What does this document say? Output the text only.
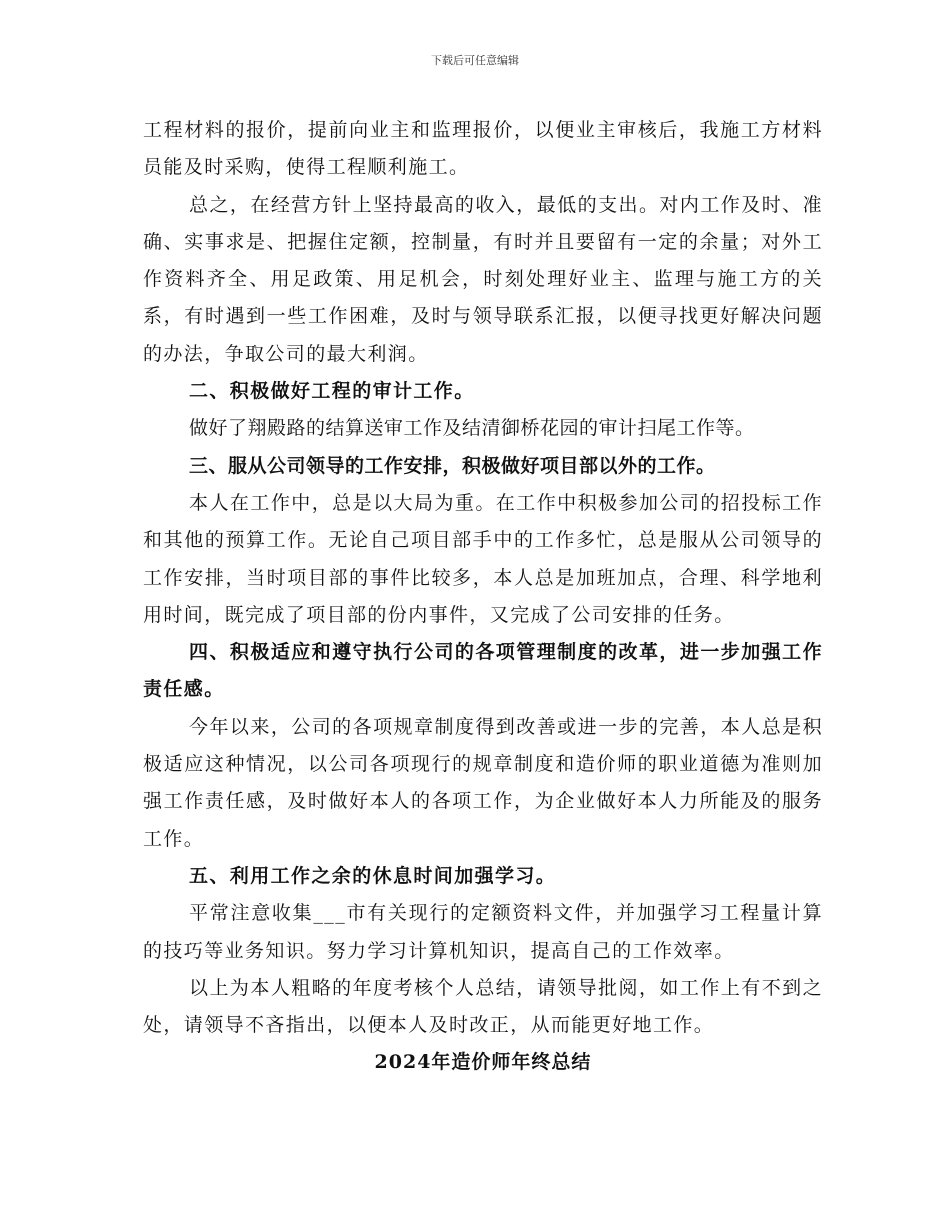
下载后可任意编辑

工程材料的报价，提前向业主和监理报价，以便业主审核后，我施工方材料员能及时采购，使得工程顺利施工。

总之，在经营方针上坚持最高的收入，最低的支出。对内工作及时、准确、实事求是、把握住定额，控制量，有时并且要留有一定的余量；对外工作资料齐全、用足政策、用足机会，时刻处理好业主、监理与施工方的关系，有时遇到一些工作困难，及时与领导联系汇报，以便寻找更好解决问题的办法，争取公司的最大利润。

二、积极做好工程的审计工作。

做好了翔殿路的结算送审工作及结清御桥花园的审计扫尾工作等。

三、服从公司领导的工作安排，积极做好项目部以外的工作。

本人在工作中，总是以大局为重。在工作中积极参加公司的招投标工作和其他的预算工作。无论自己项目部手中的工作多忙，总是服从公司领导的工作安排，当时项目部的事件比较多，本人总是加班加点，合理、科学地利用时间，既完成了项目部的份内事件，又完成了公司安排的任务。

四、积极适应和遵守执行公司的各项管理制度的改革，进一步加强工作责任感。

今年以来，公司的各项规章制度得到改善或进一步的完善，本人总是积极适应这种情况，以公司各项现行的规章制度和造价师的职业道德为准则加强工作责任感，及时做好本人的各项工作，为企业做好本人力所能及的服务工作。

五、利用工作之余的休息时间加强学习。

平常注意收集___市有关现行的定额资料文件，并加强学习工程量计算的技巧等业务知识。努力学习计算机知识，提高自己的工作效率。

以上为本人粗略的年度考核个人总结，请领导批阅，如工作上有不到之处，请领导不吝指出，以便本人及时改正，从而能更好地工作。

2024年造价师年终总结
